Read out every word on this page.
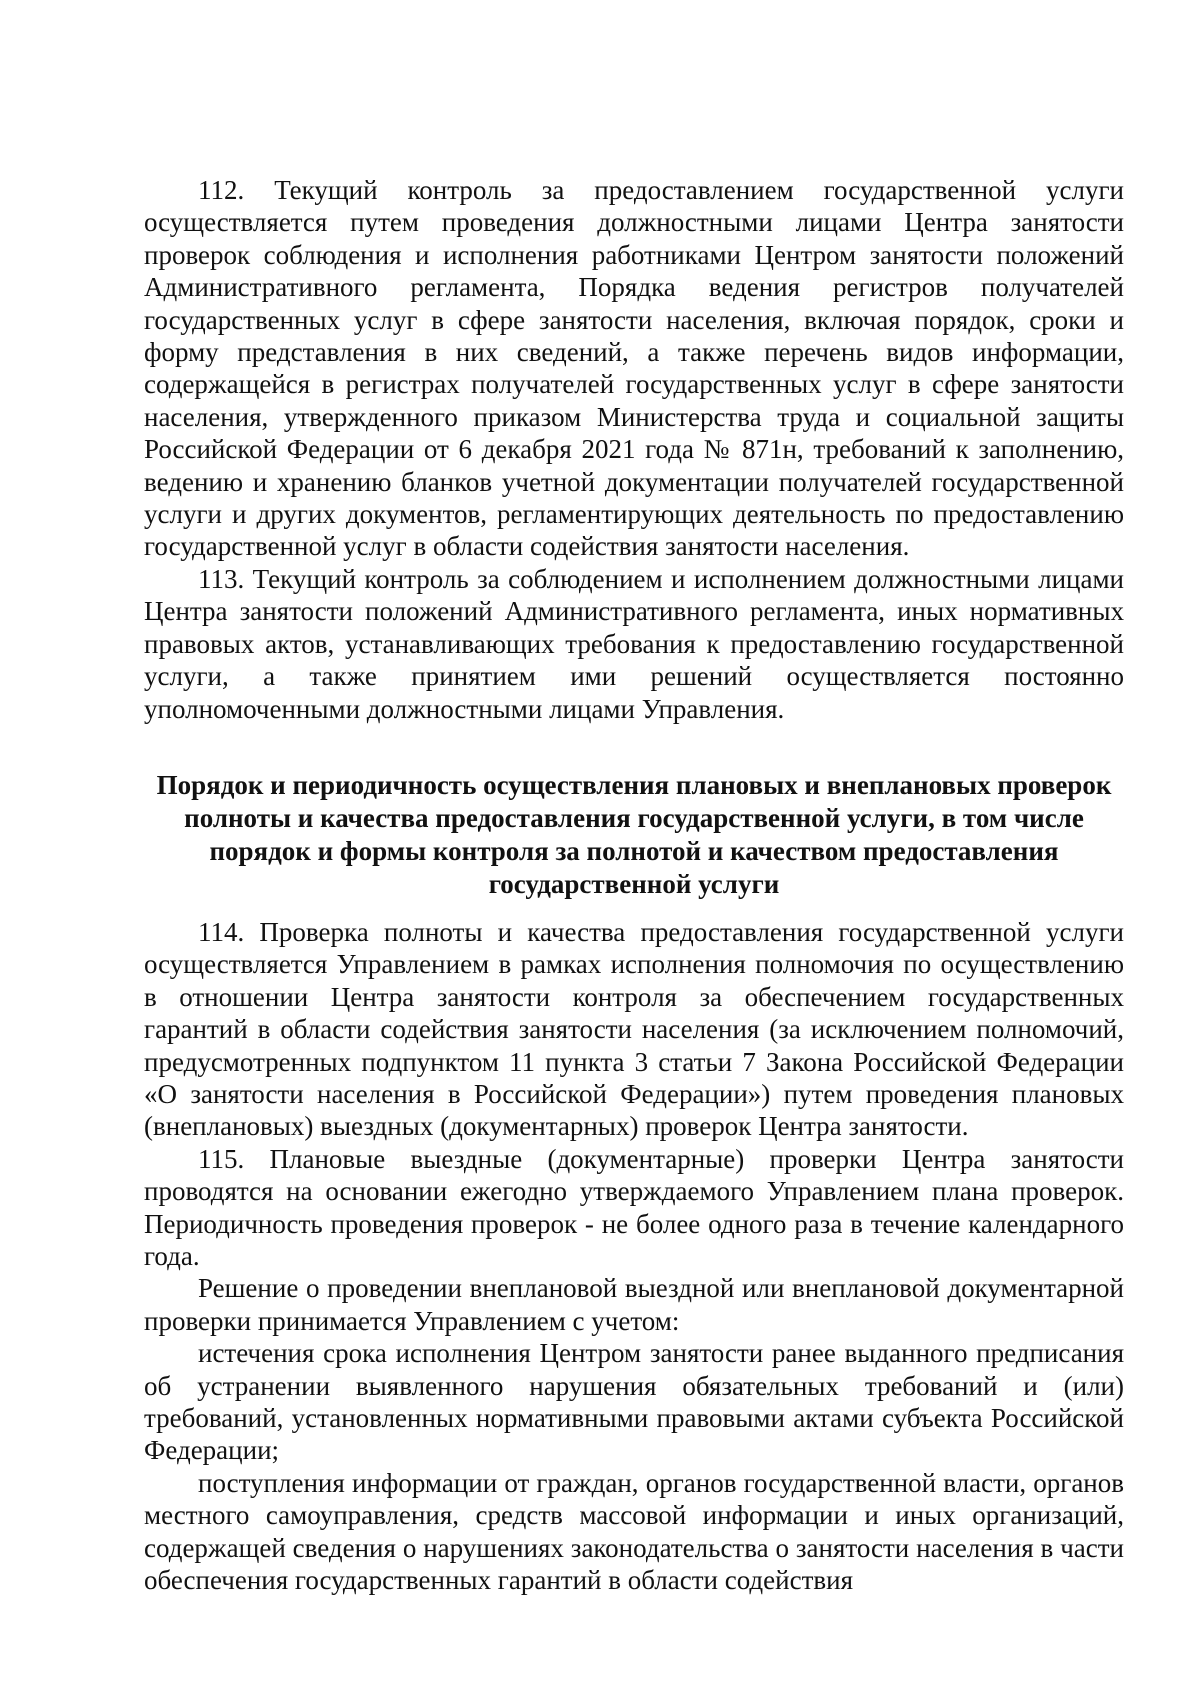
112. Текущий контроль за предоставлением государственной услуги осуществляется путем проведения должностными лицами Центра занятости проверок соблюдения и исполнения работниками Центром занятости положений Административного регламента, Порядка ведения регистров получателей государственных услуг в сфере занятости населения, включая порядок, сроки и форму представления в них сведений, а также перечень видов информации, содержащейся в регистрах получателей государственных услуг в сфере занятости населения, утвержденного приказом Министерства труда и социальной защиты Российской Федерации от 6 декабря 2021 года № 871н, требований к заполнению, ведению и хранению бланков учетной документации получателей государственной услуги и других документов, регламентирующих деятельность по предоставлению государственной услуг в области содействия занятости населения.

113. Текущий контроль за соблюдением и исполнением должностными лицами Центра занятости положений Административного регламента, иных нормативных правовых актов, устанавливающих требования к предоставлению государственной услуги, а также принятием ими решений осуществляется постоянно уполномоченными должностными лицами Управления.

Порядок и периодичность осуществления плановых и внеплановых проверок полноты и качества предоставления государственной услуги, в том числе порядок и формы контроля за полнотой и качеством предоставления государственной услуги

114. Проверка полноты и качества предоставления государственной услуги осуществляется Управлением в рамках исполнения полномочия по осуществлению в отношении Центра занятости контроля за обеспечением государственных гарантий в области содействия занятости населения (за исключением полномочий, предусмотренных подпунктом 11 пункта 3 статьи 7 Закона Российской Федерации «О занятости населения в Российской Федерации») путем проведения плановых (внеплановых) выездных (документарных) проверок Центра занятости.

115. Плановые выездные (документарные) проверки Центра занятости проводятся на основании ежегодно утверждаемого Управлением плана проверок. Периодичность проведения проверок - не более одного раза в течение календарного года.

Решение о проведении внеплановой выездной или внеплановой документарной проверки принимается Управлением с учетом:

истечения срока исполнения Центром занятости ранее выданного предписания об устранении выявленного нарушения обязательных требований и (или) требований, установленных нормативными правовыми актами субъекта Российской Федерации;

поступления информации от граждан, органов государственной власти, органов местного самоуправления, средств массовой информации и иных организаций, содержащей сведения о нарушениях законодательства о занятости населения в части обеспечения государственных гарантий в области содействия
